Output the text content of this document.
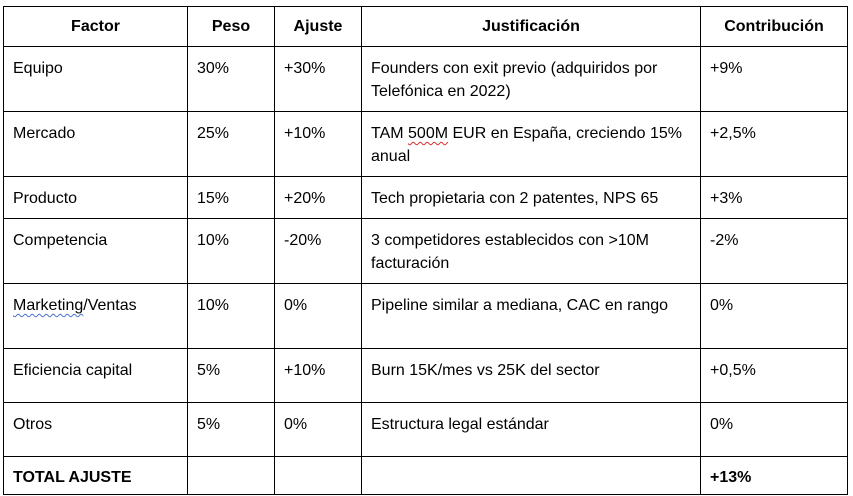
Factor	Peso	Ajuste	Justificación	Contribución
Equipo	30%	+30%	Founders con exit previo (adquiridos por Telefónica en 2022)	+9%
Mercado	25%	+10%	TAM 500M EUR en España, creciendo 15% anual	+2,5%
Producto	15%	+20%	Tech propietaria con 2 patentes, NPS 65	+3%
Competencia	10%	-20%	3 competidores establecidos con >10M facturación	-2%
Marketing/Ventas	10%	0%	Pipeline similar a mediana, CAC en rango	0%
Eficiencia capital	5%	+10%	Burn 15K/mes vs 25K del sector	+0,5%
Otros	5%	0%	Estructura legal estándar	0%
TOTAL AJUSTE				+13%
